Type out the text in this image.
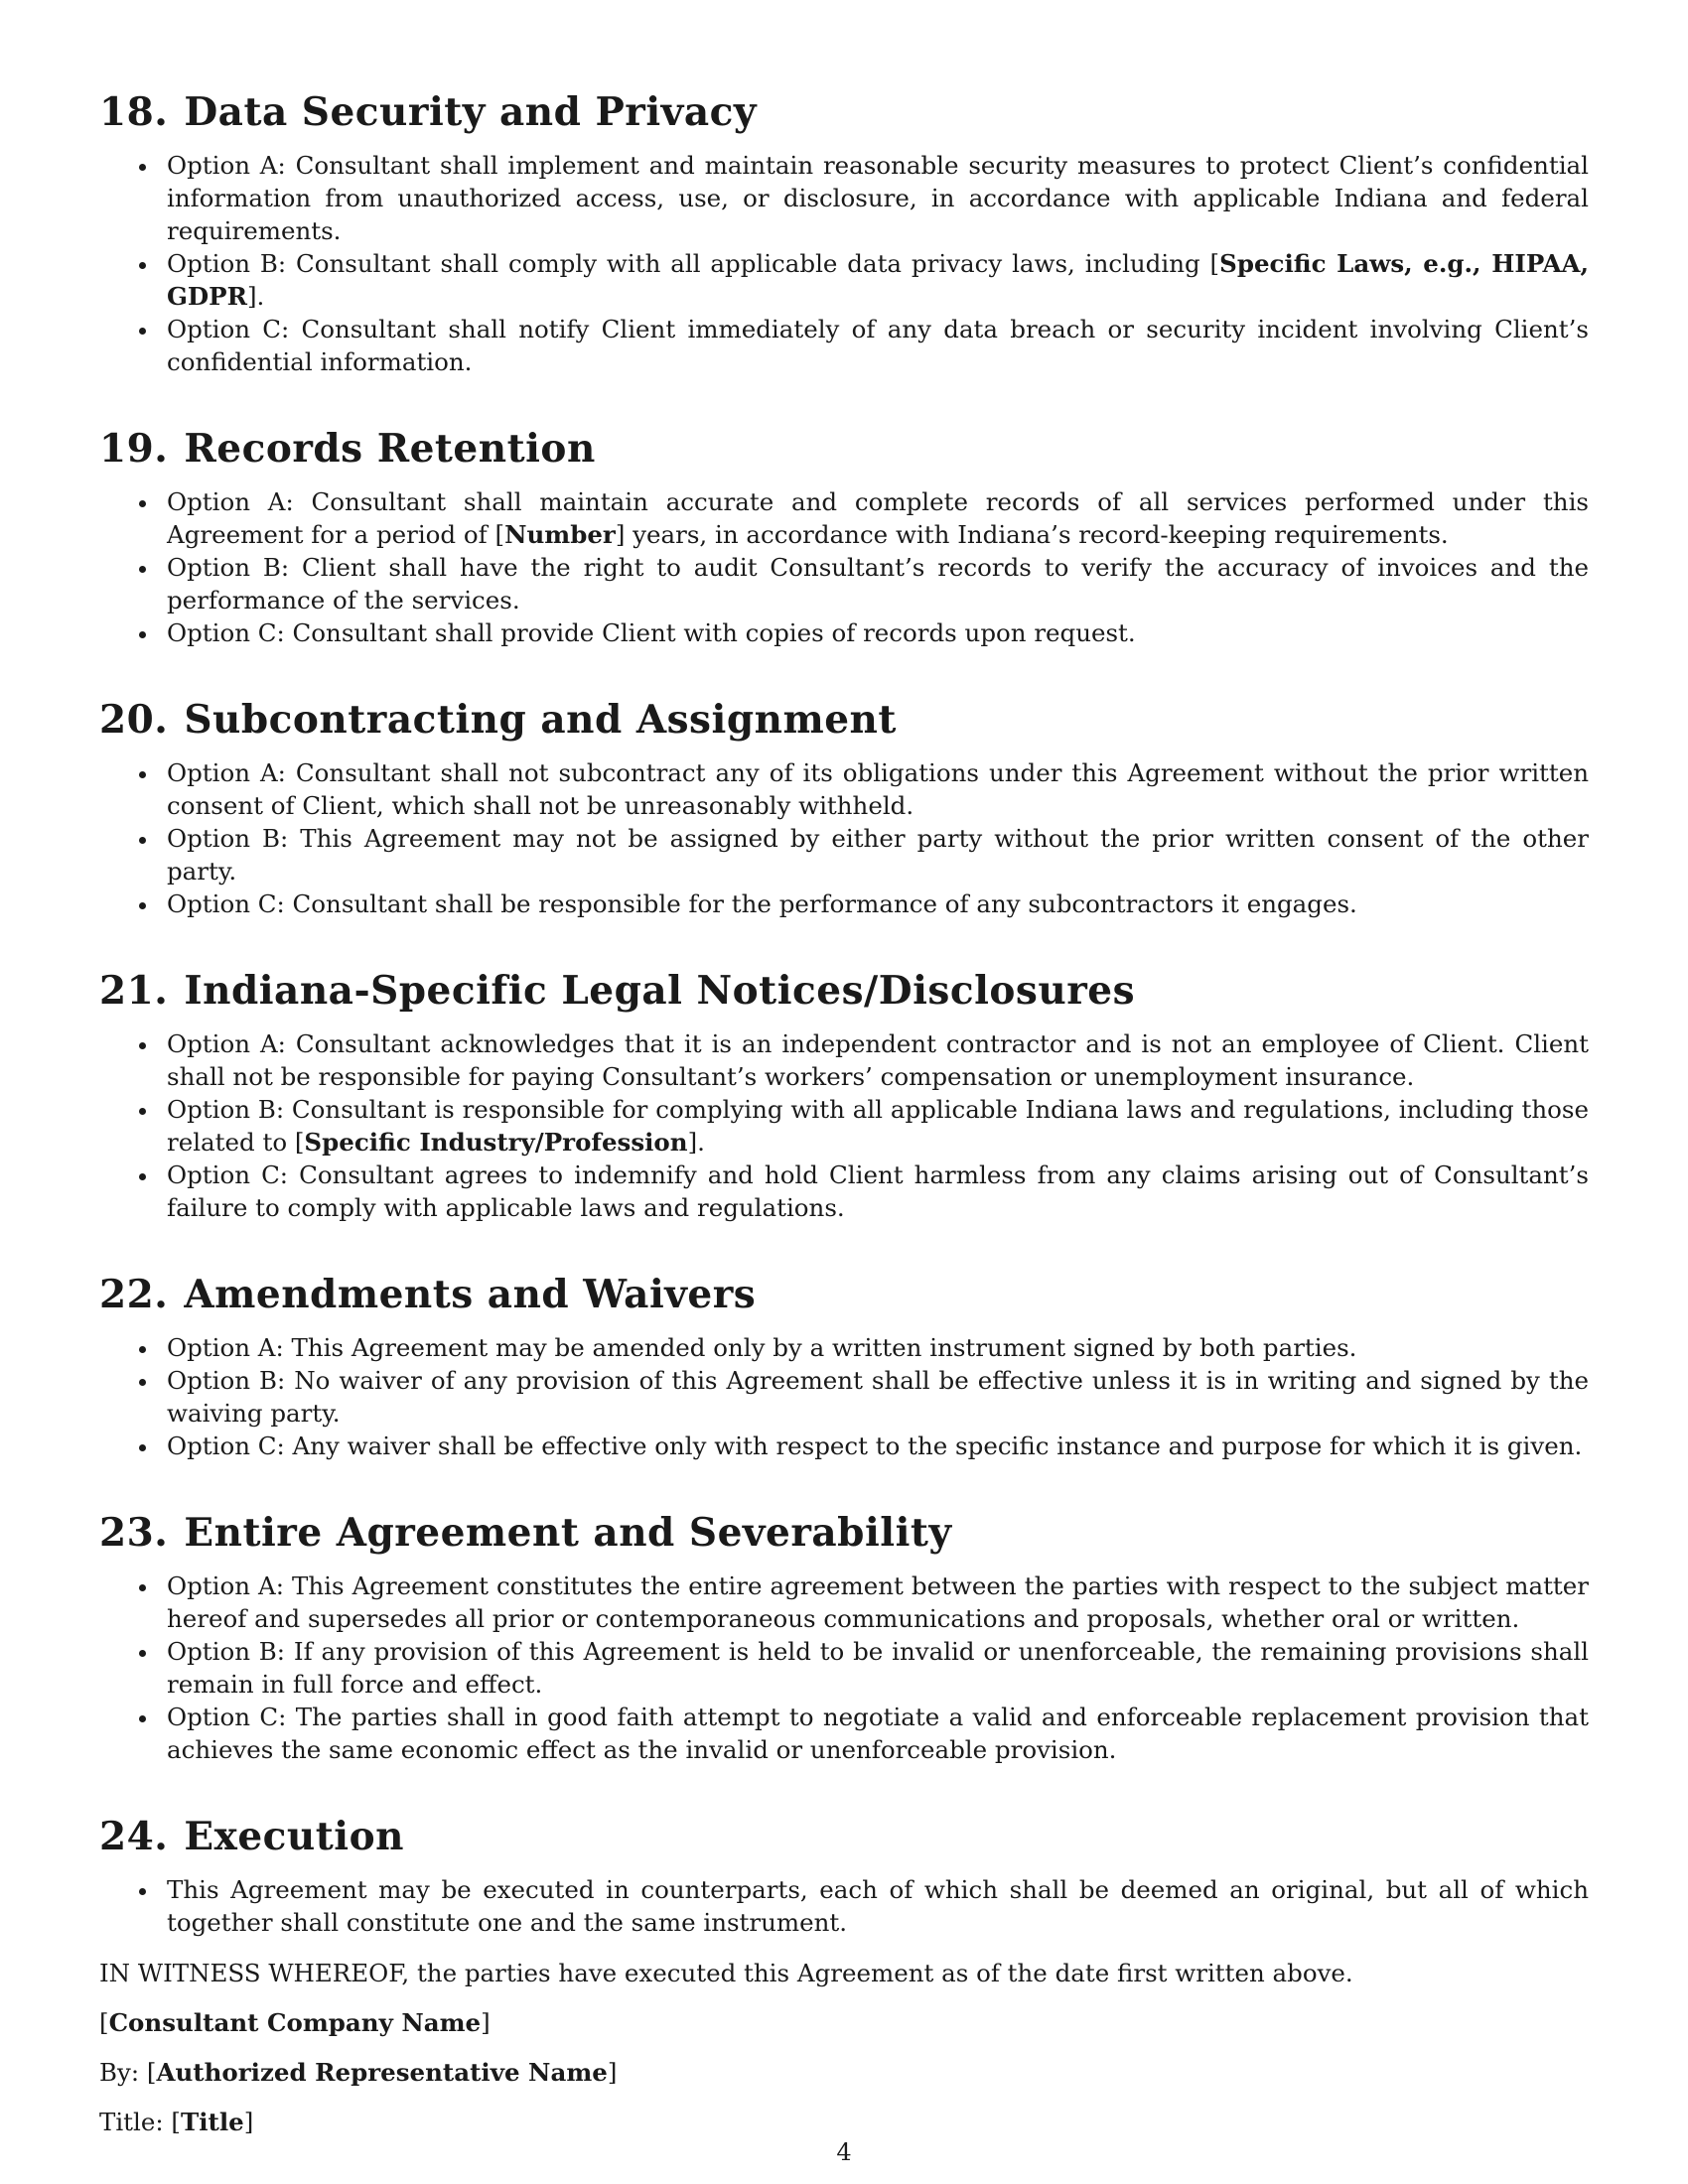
18. Data Security and Privacy
Option A: Consultant shall implement and maintain reasonable security measures to protect Client’s confidential information from unauthorized access, use, or disclosure, in accordance with applicable Indiana and federal requirements.
Option B: Consultant shall comply with all applicable data privacy laws, including [Specific Laws, e.g., HIPAA, GDPR].
Option C: Consultant shall notify Client immediately of any data breach or security incident involving Client’s confidential information.
19. Records Retention
Option A: Consultant shall maintain accurate and complete records of all services performed under this Agreement for a period of [Number] years, in accordance with Indiana’s record-keeping requirements.
Option B: Client shall have the right to audit Consultant’s records to verify the accuracy of invoices and the performance of the services.
Option C: Consultant shall provide Client with copies of records upon request.
20. Subcontracting and Assignment
Option A: Consultant shall not subcontract any of its obligations under this Agreement without the prior written consent of Client, which shall not be unreasonably withheld.
Option B: This Agreement may not be assigned by either party without the prior written consent of the other party.
Option C: Consultant shall be responsible for the performance of any subcontractors it engages.
21. Indiana-Specific Legal Notices/Disclosures
Option A: Consultant acknowledges that it is an independent contractor and is not an employee of Client. Client shall not be responsible for paying Consultant’s workers’ compensation or unemployment insurance.
Option B: Consultant is responsible for complying with all applicable Indiana laws and regulations, including those related to [Specific Industry/Profession].
Option C: Consultant agrees to indemnify and hold Client harmless from any claims arising out of Consultant’s failure to comply with applicable laws and regulations.
22. Amendments and Waivers
Option A: This Agreement may be amended only by a written instrument signed by both parties.
Option B: No waiver of any provision of this Agreement shall be effective unless it is in writing and signed by the waiving party.
Option C: Any waiver shall be effective only with respect to the specific instance and purpose for which it is given.
23. Entire Agreement and Severability
Option A: This Agreement constitutes the entire agreement between the parties with respect to the subject matter hereof and supersedes all prior or contemporaneous communications and proposals, whether oral or written.
Option B: If any provision of this Agreement is held to be invalid or unenforceable, the remaining provisions shall remain in full force and effect.
Option C: The parties shall in good faith attempt to negotiate a valid and enforceable replacement provision that achieves the same economic effect as the invalid or unenforceable provision.
24. Execution
This Agreement may be executed in counterparts, each of which shall be deemed an original, but all of which together shall constitute one and the same instrument.

IN WITNESS WHEREOF, the parties have executed this Agreement as of the date first written above.

[Consultant Company Name]

By: [Authorized Representative Name]

Title: [Title]

4
